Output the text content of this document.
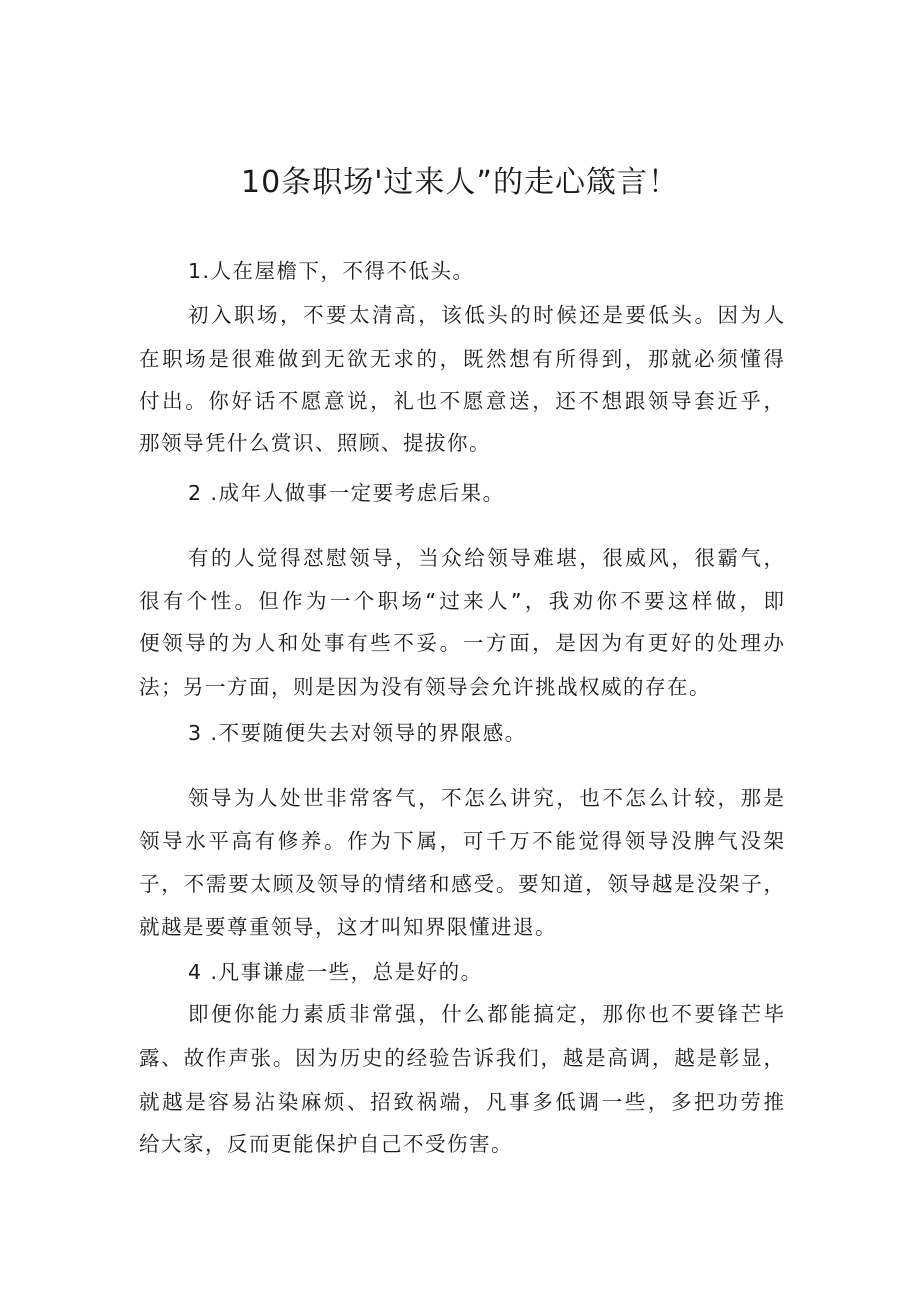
10条职场'过来人”的走心箴言！
1.人在屋檐下，不得不低头。
初入职场，不要太清高，该低头的时候还是要低头。因为人
在职场是很难做到无欲无求的，既然想有所得到，那就必须懂得
付出。你好话不愿意说，礼也不愿意送，还不想跟领导套近乎，
那领导凭什么赏识、照顾、提拔你。
2 .成年人做事一定要考虑后果。
有的人觉得怼慰领导，当众给领导难堪，很威风，很霸气，
很有个性。但作为一个职场“过来人”，我劝你不要这样做，即
便领导的为人和处事有些不妥。一方面，是因为有更好的处理办
法；另一方面，则是因为没有领导会允许挑战权威的存在。
3 .不要随便失去对领导的界限感。
领导为人处世非常客气，不怎么讲究，也不怎么计较，那是
领导水平高有修养。作为下属，可千万不能觉得领导没脾气没架
子，不需要太顾及领导的情绪和感受。要知道，领导越是没架子，
就越是要尊重领导，这才叫知界限懂进退。
4 .凡事谦虚一些，总是好的。
即便你能力素质非常强，什么都能搞定，那你也不要锋芒毕
露、故作声张。因为历史的经验告诉我们，越是高调，越是彰显，
就越是容易沾染麻烦、招致祸端，凡事多低调一些，多把功劳推
给大家，反而更能保护自己不受伤害。
